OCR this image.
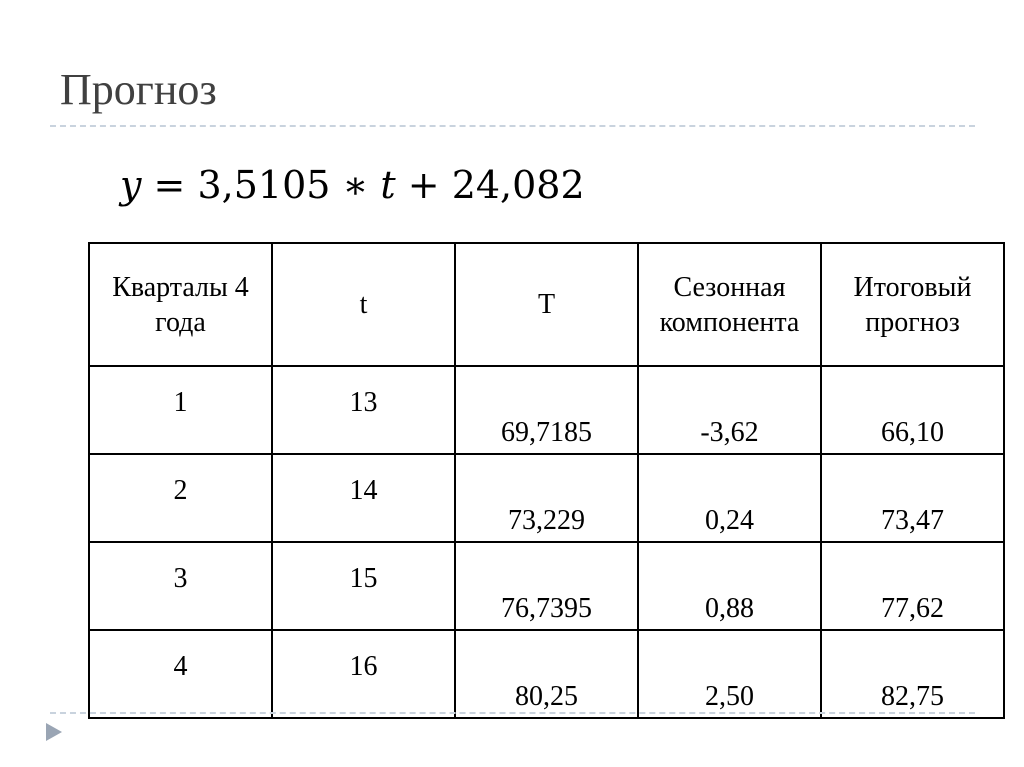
Прогноз
y = 3,5105 ∗ t + 24,082
Кварталы 4 года	t	T	Сезонная компонента	Итоговый прогноз
1	13	69,7185	-3,62	66,10
2	14	73,229	0,24	73,47
3	15	76,7395	0,88	77,62
4	16	80,25	2,50	82,75
